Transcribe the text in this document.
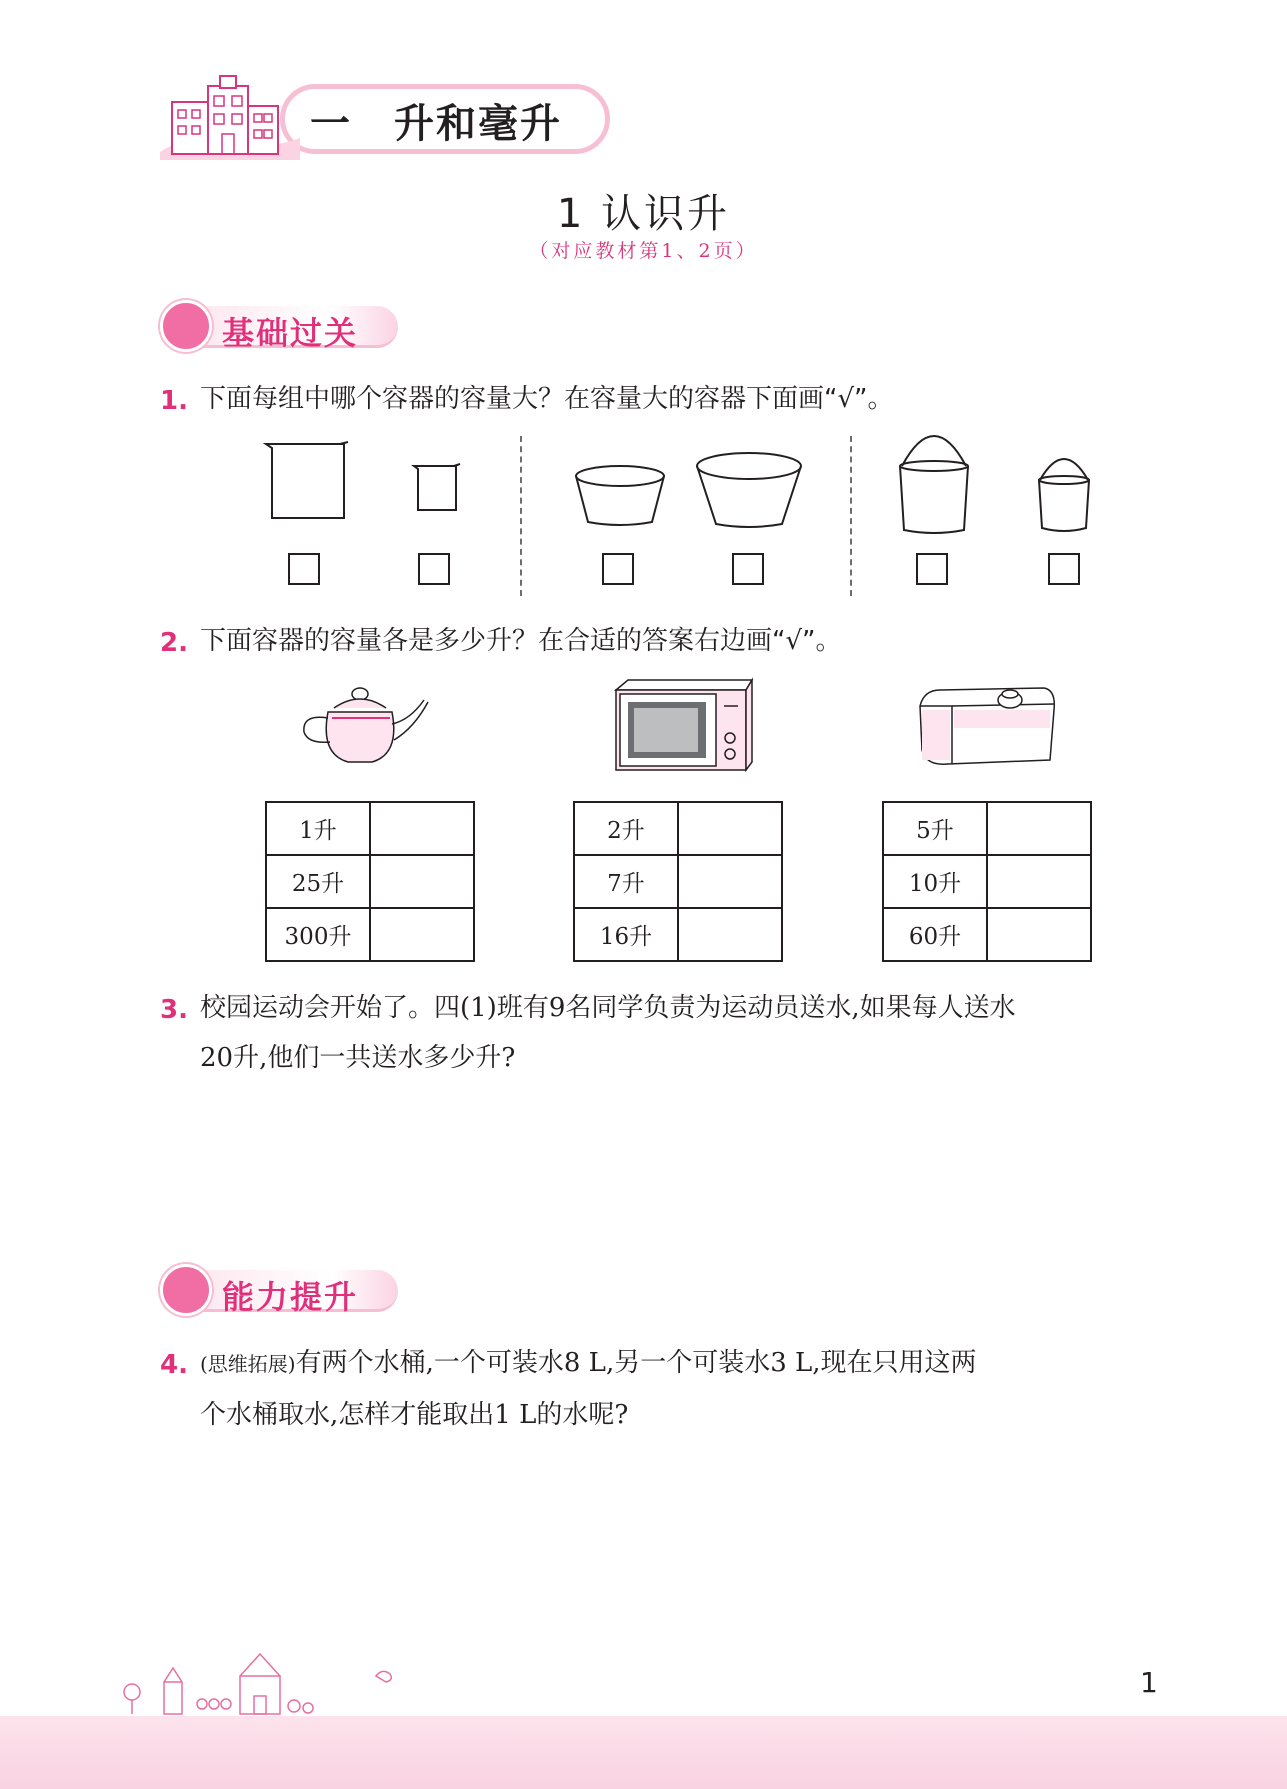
一　升和毫升
1 认识升
（对应教材第1、2页）
基础过关
1. 下面每组中哪个容器的容量大？在容量大的容器下面画“√”。
2. 下面容器的容量各是多少升？在合适的答案右边画“√”。
1升	
25升	
300升	
2升	
7升	
16升	
5升	
10升	
60升	
3. 校园运动会开始了。四(1)班有9名同学负责为运动员送水,如果每人送水
20升,他们一共送水多少升?
能力提升
4. (思维拓展)有两个水桶,一个可装水8 L,另一个可装水3 L,现在只用这两
个水桶取水,怎样才能取出1 L的水呢?
1
